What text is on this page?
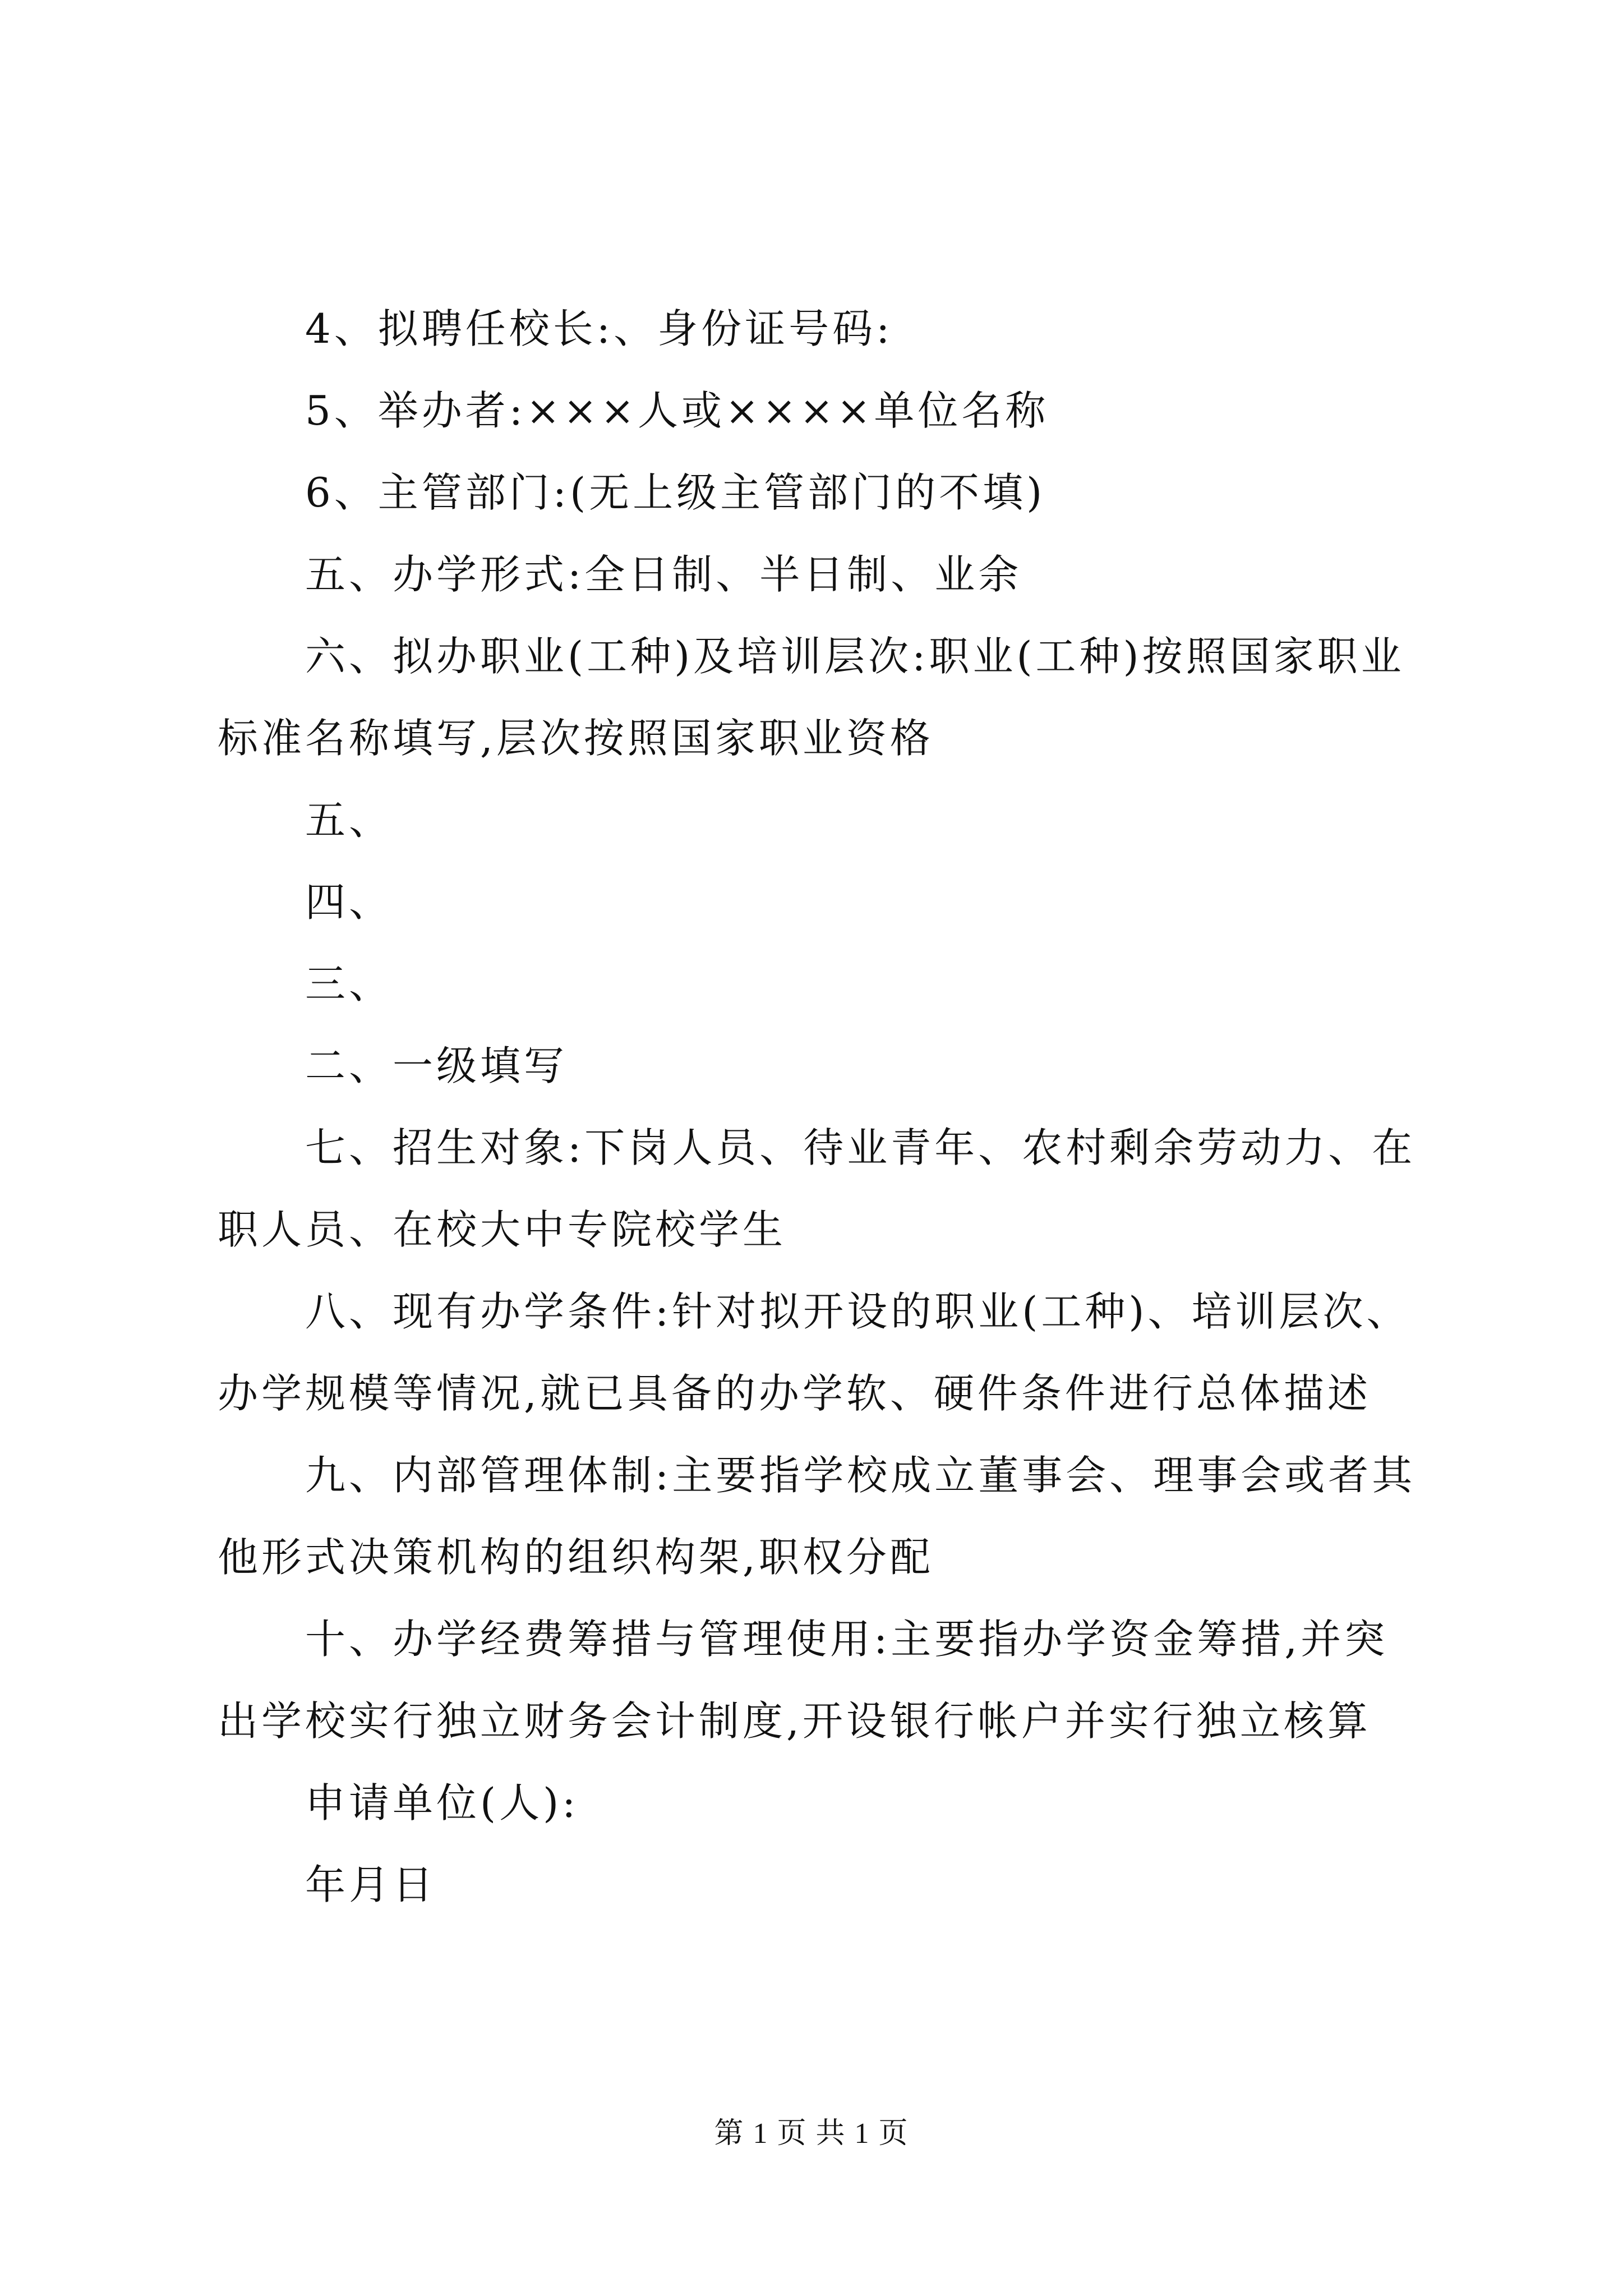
4、拟聘任校长:、身份证号码:

5、举办者:×××人或××××单位名称

6、主管部门:(无上级主管部门的不填)

五、办学形式:全日制、半日制、业余

六、拟办职业(工种)及培训层次:职业(工种)按照国家职业标准名称填写,层次按照国家职业资格

五、

四、

三、

二、一级填写

七、招生对象:下岗人员、待业青年、农村剩余劳动力、在职人员、在校大中专院校学生

八、现有办学条件:针对拟开设的职业(工种)、培训层次、办学规模等情况,就已具备的办学软、硬件条件进行总体描述

九、内部管理体制:主要指学校成立董事会、理事会或者其他形式决策机构的组织构架,职权分配

十、办学经费筹措与管理使用:主要指办学资金筹措,并突出学校实行独立财务会计制度,开设银行帐户并实行独立核算

申请单位(人):

年月日

第 1 页 共 1 页
